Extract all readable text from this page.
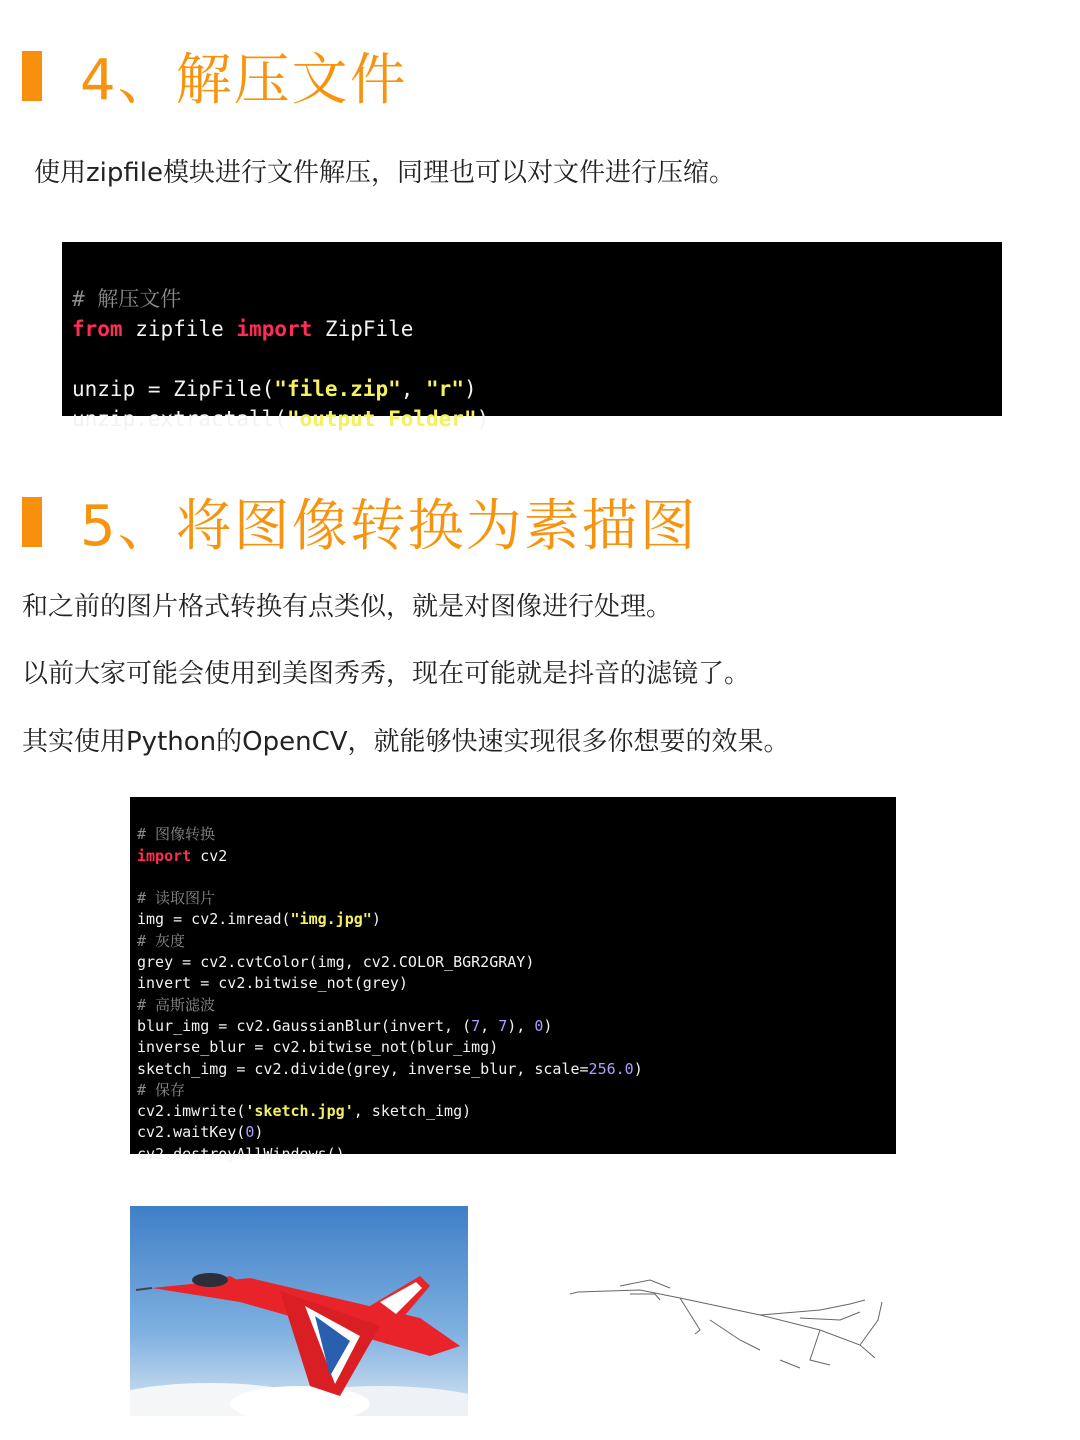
4、解压文件
使用zipfile模块进行文件解压，同理也可以对文件进行压缩。

# 解压文件
from zipfile import ZipFile

unzip = ZipFile("file.zip", "r")
unzip.extractall("output Folder")
5、将图像转换为素描图
和之前的图片格式转换有点类似，就是对图像进行处理。
以前大家可能会使用到美图秀秀，现在可能就是抖音的滤镜了。
其实使用Python的OpenCV，就能够快速实现很多你想要的效果。

# 图像转换
import cv2

# 读取图片
img = cv2.imread("img.jpg")
# 灰度
grey = cv2.cvtColor(img, cv2.COLOR_BGR2GRAY)
invert = cv2.bitwise_not(grey)
# 高斯滤波
blur_img = cv2.GaussianBlur(invert, (7, 7), 0)
inverse_blur = cv2.bitwise_not(blur_img)
sketch_img = cv2.divide(grey, inverse_blur, scale=256.0)
# 保存
cv2.imwrite('sketch.jpg', sketch_img)
cv2.waitKey(0)
cv2.destroyAllWindows()
